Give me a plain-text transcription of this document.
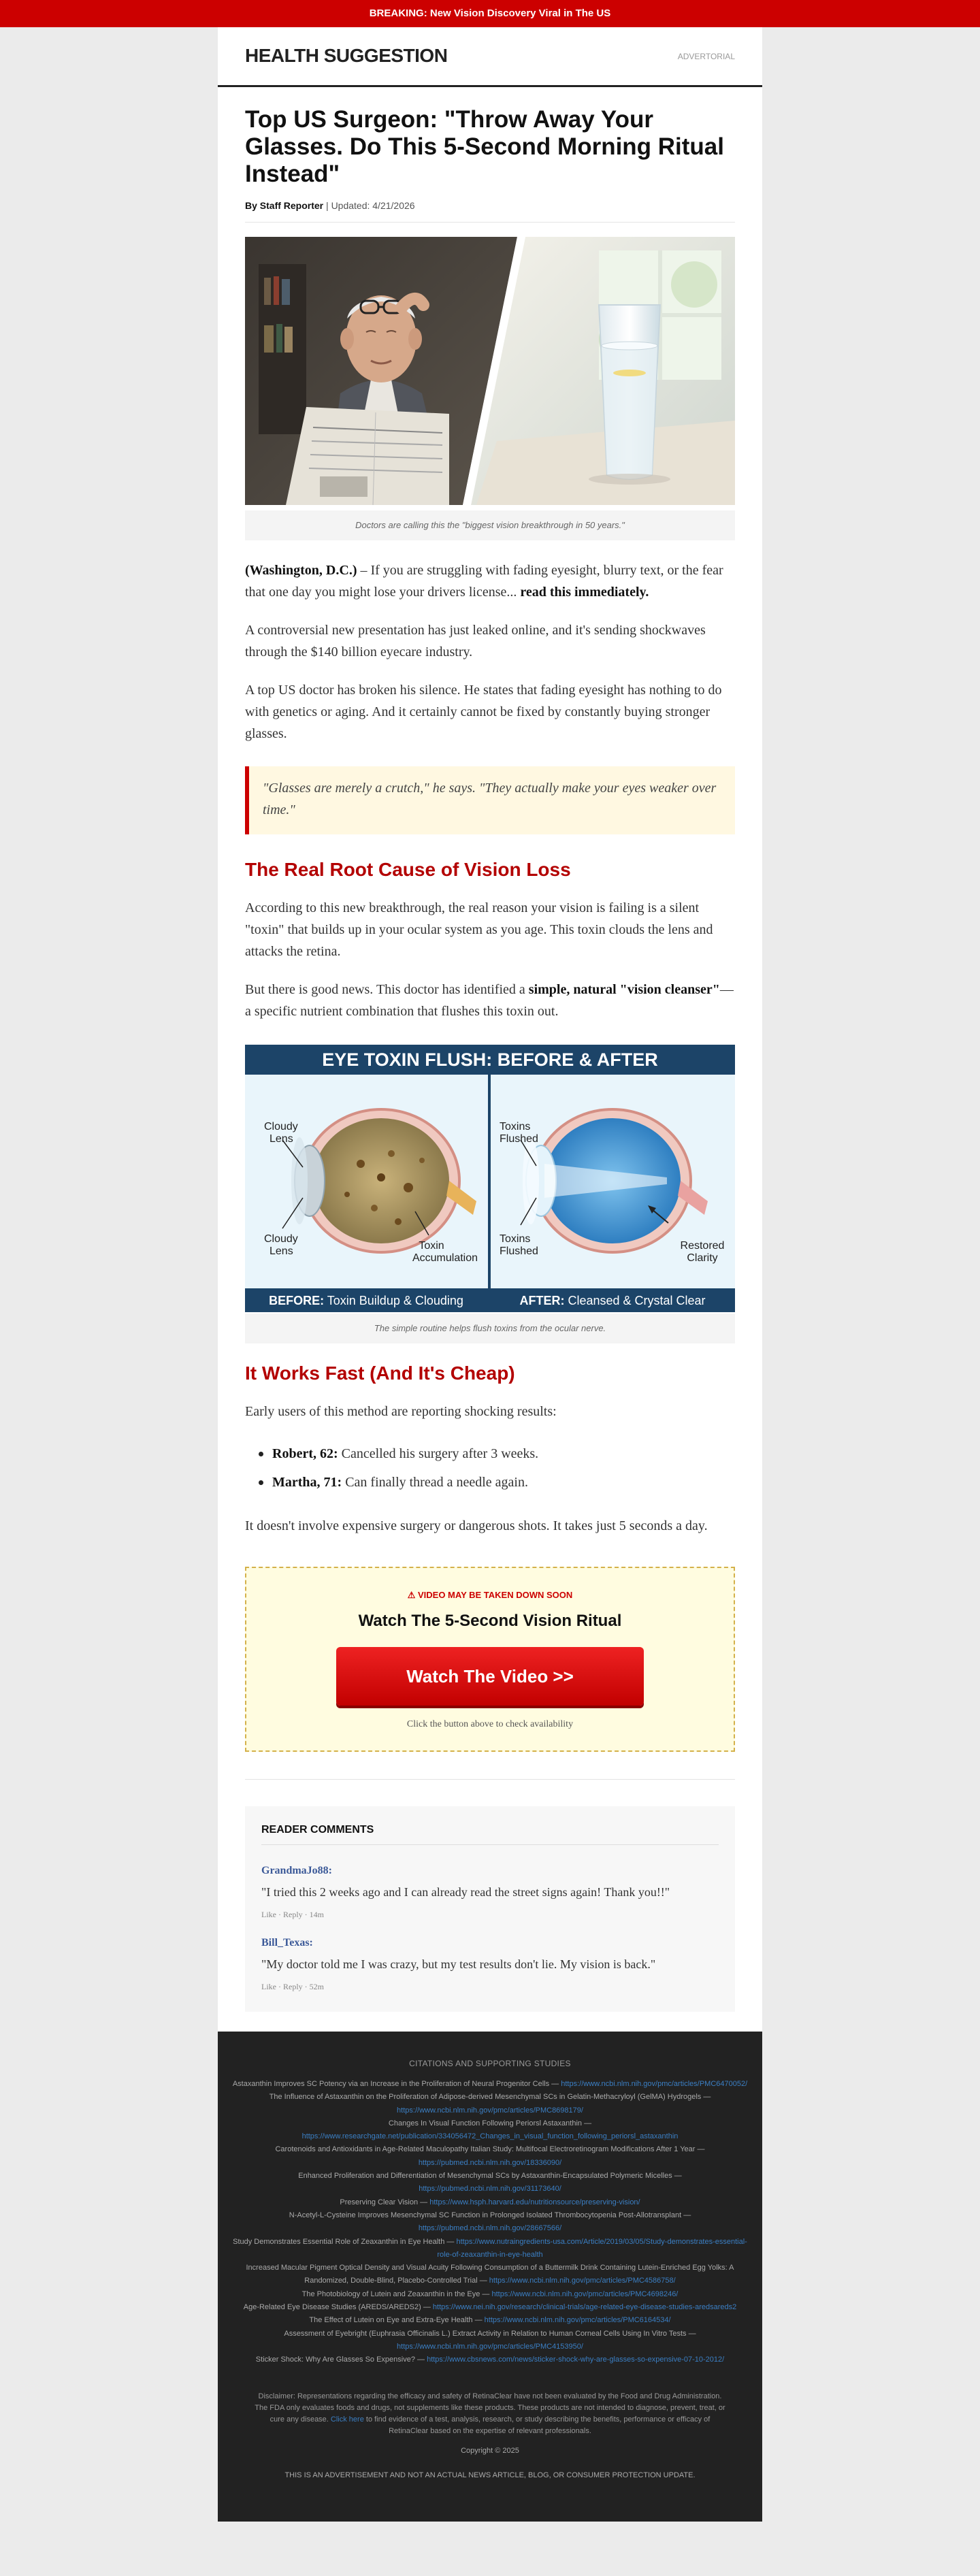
BREAKING: New Vision Discovery Viral in The US
HEALTH SUGGESTION	ADVERTORIAL
Top US Surgeon: "Throw Away Your Glasses. Do This 5-Second Morning Ritual Instead"
By Staff Reporter | Updated: 4/21/2026
Doctors are calling this the "biggest vision breakthrough in 50 years."

(Washington, D.C.) – If you are struggling with fading eyesight, blurry text, or the fear that one day you might lose your drivers license... read this immediately.

A controversial new presentation has just leaked online, and it's sending shockwaves through the $140 billion eyecare industry.

A top US doctor has broken his silence. He states that fading eyesight has nothing to do with genetics or aging. And it certainly cannot be fixed by constantly buying stronger glasses.

"Glasses are merely a crutch," he says. "They actually make your eyes weaker over time."
The Real Root Cause of Vision Loss

According to this new breakthrough, the real reason your vision is failing is a silent "toxin" that builds up in your ocular system as you age. This toxin clouds the lens and attacks the retina.

But there is good news. This doctor has identified a simple, natural "vision cleanser"—a specific nutrient combination that flushes this toxin out.

EYE TOXIN FLUSH: BEFORE & AFTER
Cloudy
Lens
Cloudy
Lens	Toxin
Accumulation
Toxins
Flushed
Toxins
Flushed	Restored
Clarity
BEFORE: Toxin Buildup & Clouding	AFTER: Cleansed & Crystal Clear
The simple routine helps flush toxins from the ocular nerve.
It Works Fast (And It's Cheap)

Early users of this method are reporting shocking results:

Robert, 62: Cancelled his surgery after 3 weeks.
Martha, 71: Can finally thread a needle again.

It doesn't involve expensive surgery or dangerous shots. It takes just 5 seconds a day.

⚠ VIDEO MAY BE TAKEN DOWN SOON
Watch The 5-Second Vision Ritual
Watch The Video >>
Click the button above to check availability
READER COMMENTS
GrandmaJo88:
"I tried this 2 weeks ago and I can already read the street signs again! Thank you!!"
Like · Reply · 14m
Bill_Texas:
"My doctor told me I was crazy, but my test results don't lie. My vision is back."
Like · Reply · 52m
CITATIONS AND SUPPORTING STUDIES
Astaxanthin Improves SC Potency via an Increase in the Proliferation of Neural Progenitor Cells — https://www.ncbi.nlm.nih.gov/pmc/articles/PMC6470052/
The Influence of Astaxanthin on the Proliferation of Adipose-derived Mesenchymal SCs in Gelatin-Methacryloyl (GelMA) Hydrogels — https://www.ncbi.nlm.nih.gov/pmc/articles/PMC8698179/
Changes In Visual Function Following Periorsl Astaxanthin — https://www.researchgate.net/publication/334056472_Changes_in_visual_function_following_periorsl_astaxanthin
Carotenoids and Antioxidants in Age-Related Maculopathy Italian Study: Multifocal Electroretinogram Modifications After 1 Year — https://pubmed.ncbi.nlm.nih.gov/18336090/
Enhanced Proliferation and Differentiation of Mesenchymal SCs by Astaxanthin-Encapsulated Polymeric Micelles — https://pubmed.ncbi.nlm.nih.gov/31173640/
Preserving Clear Vision — https://www.hsph.harvard.edu/nutritionsource/preserving-vision/
N-Acetyl-L-Cysteine Improves Mesenchymal SC Function in Prolonged Isolated Thrombocytopenia Post-Allotransplant — https://pubmed.ncbi.nlm.nih.gov/28667566/
Study Demonstrates Essential Role of Zeaxanthin in Eye Health — https://www.nutraingredients-usa.com/Article/2019/03/05/Study-demonstrates-essential-role-of-zeaxanthin-in-eye-health
Increased Macular Pigment Optical Density and Visual Acuity Following Consumption of a Buttermilk Drink Containing Lutein-Enriched Egg Yolks: A Randomized, Double-Blind, Placebo-Controlled Trial — https://www.ncbi.nlm.nih.gov/pmc/articles/PMC4586758/
The Photobiology of Lutein and Zeaxanthin in the Eye — https://www.ncbi.nlm.nih.gov/pmc/articles/PMC4698246/
Age-Related Eye Disease Studies (AREDS/AREDS2) — https://www.nei.nih.gov/research/clinical-trials/age-related-eye-disease-studies-aredsareds2
The Effect of Lutein on Eye and Extra-Eye Health — https://www.ncbi.nlm.nih.gov/pmc/articles/PMC6164534/
Assessment of Eyebright (Euphrasia Officinalis L.) Extract Activity in Relation to Human Corneal Cells Using In Vitro Tests — https://www.ncbi.nlm.nih.gov/pmc/articles/PMC4153950/
Sticker Shock: Why Are Glasses So Expensive? — https://www.cbsnews.com/news/sticker-shock-why-are-glasses-so-expensive-07-10-2012/
Disclaimer: Representations regarding the efficacy and safety of RetinaClear have not been evaluated by the Food and Drug Administration. The FDA only evaluates foods and drugs, not supplements like these products. These products are not intended to diagnose, prevent, treat, or cure any disease. Click here to find evidence of a test, analysis, research, or study describing the benefits, performance or efficacy of RetinaClear based on the expertise of relevant professionals.
Copyright © 2025
THIS IS AN ADVERTISEMENT AND NOT AN ACTUAL NEWS ARTICLE, BLOG, OR CONSUMER PROTECTION UPDATE.
